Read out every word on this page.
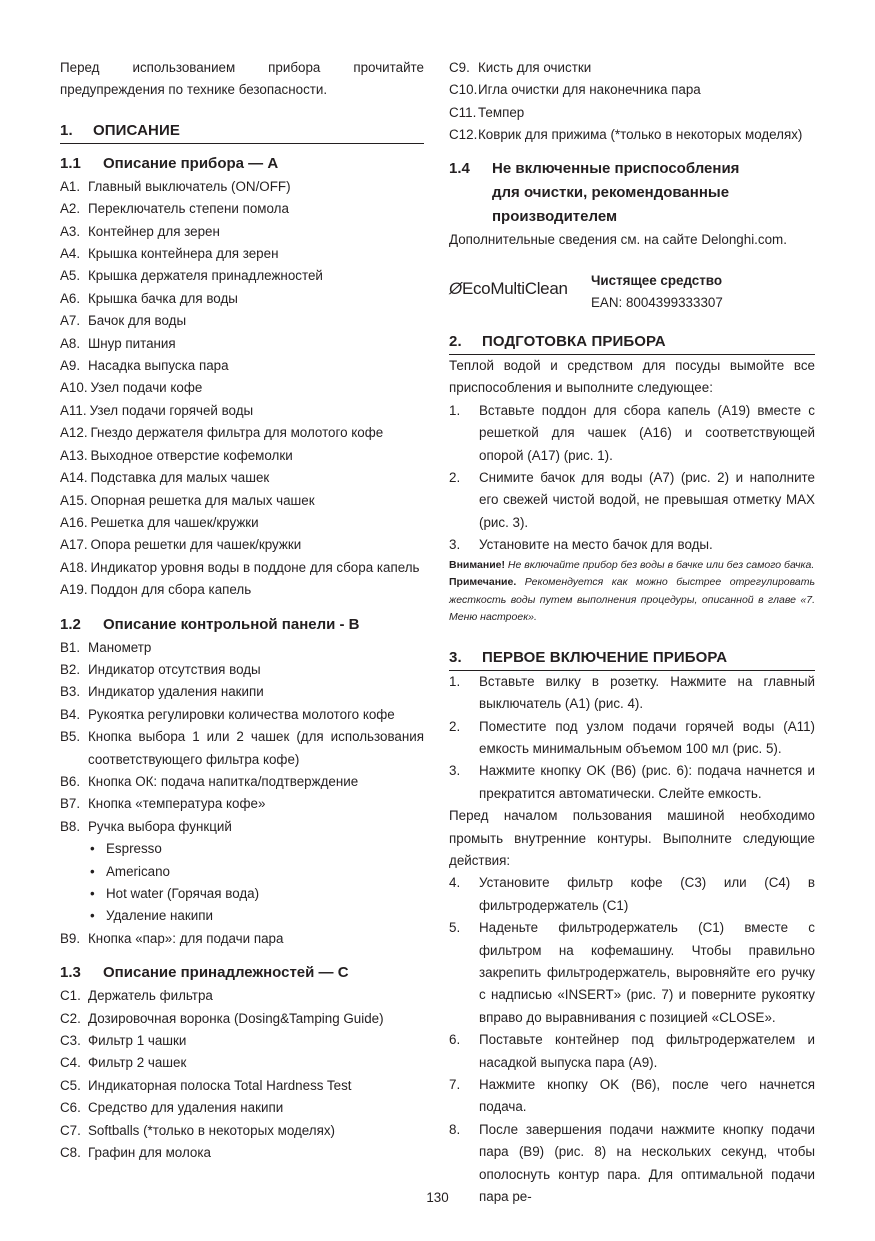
Перед использованием прибора прочитайте предупреждения по технике безопасности.
1. ОПИСАНИЕ
1.1 Описание прибора — A
A1. Главный выключатель (ON/OFF)
A2. Переключатель степени помола
A3. Контейнер для зерен
A4. Крышка контейнера для зерен
A5. Крышка держателя принадлежностей
A6. Крышка бачка для воды
A7. Бачок для воды
A8. Шнур питания
A9. Насадка выпуска пара
A10. Узел подачи кофе
A11. Узел подачи горячей воды
A12. Гнездо держателя фильтра для молотого кофе
A13. Выходное отверстие кофемолки
A14. Подставка для малых чашек
A15. Опорная решетка для малых чашек
A16. Решетка для чашек/кружки
A17. Опора решетки для чашек/кружки
A18. Индикатор уровня воды в поддоне для сбора капель
A19. Поддон для сбора капель
1.2 Описание контрольной панели - B
B1. Манометр
B2. Индикатор отсутствия воды
B3. Индикатор удаления накипи
B4. Рукоятка регулировки количества молотого кофе
B5. Кнопка выбора 1 или 2 чашек (для использования соответствующего фильтра кофе)
B6. Кнопка ОК: подача напитка/подтверждение
B7. Кнопка «температура кофе»
B8. Ручка выбора функций
• Espresso
• Americano
• Hot water (Горячая вода)
• Удаление накипи
B9. Кнопка «пар»: для подачи пара
1.3 Описание принадлежностей — C
C1. Держатель фильтра
C2. Дозировочная воронка (Dosing&Tamping Guide)
C3. Фильтр 1 чашки
C4. Фильтр 2 чашек
C5. Индикаторная полоска Total Hardness Test
C6. Средство для удаления накипи
C7. Softballs (*только в некоторых моделях)
C8. Графин для молока
C9. Кисть для очистки
C10. Игла очистки для наконечника пара
C11. Темпер
C12. Коврик для прижима (*только в некоторых моделях)
1.4	Не включенные приспособления
для очистки, рекомендованные
производителем
Дополнительные сведения см. на сайте Delonghi.com.
ØEcoMultiClean	Чистящее средство
EAN: 8004399333307
2. ПОДГОТОВКА ПРИБОРА
Теплой водой и средством для посуды вымойте все приспособления и выполните следующее:
1.	Вставьте поддон для сбора капель (A19) вместе с решеткой для чашек (A16) и соответствующей опорой (A17) (рис. 1).
2.	Снимите бачок для воды (A7) (рис. 2) и наполните его свежей чистой водой, не превышая отметку MAX (рис. 3).
3.	Установите на место бачок для воды.
Внимание! Не включайте прибор без воды в бачке или без самого бачка.
Примечание. Рекомендуется как можно быстрее отрегулировать жесткость воды путем выполнения процедуры, описанной в главе «7. Меню настроек».
3. ПЕРВОЕ ВКЛЮЧЕНИЕ ПРИБОРА
1.	Вставьте вилку в розетку. Нажмите на главный выключатель (A1) (рис. 4).
2.	Поместите под узлом подачи горячей воды (A11) емкость минимальным объемом 100 мл (рис. 5).
3.	Нажмите кнопку OK (B6) (рис. 6): подача начнется и прекратится автоматически. Слейте емкость.
Перед началом пользования машиной необходимо промыть внутренние контуры. Выполните следующие действия:
4.	Установите фильтр кофе (C3) или (C4) в фильтродержатель (C1)
5.	Наденьте фильтродержатель (C1) вместе с фильтром на кофемашину. Чтобы правильно закрепить фильтродержатель, выровняйте его ручку с надписью «INSERT» (рис. 7) и поверните рукоятку вправо до выравнивания с позицией «CLOSE».
6.	Поставьте контейнер под фильтродержателем и насадкой выпуска пара (A9).
7.	Нажмите кнопку OK (B6), после чего начнется подача.
8.	После завершения подачи нажмите кнопку подачи пара (B9) (рис. 8) на нескольких секунд, чтобы ополоснуть контур пара. Для оптимальной подачи пара ре-
130
